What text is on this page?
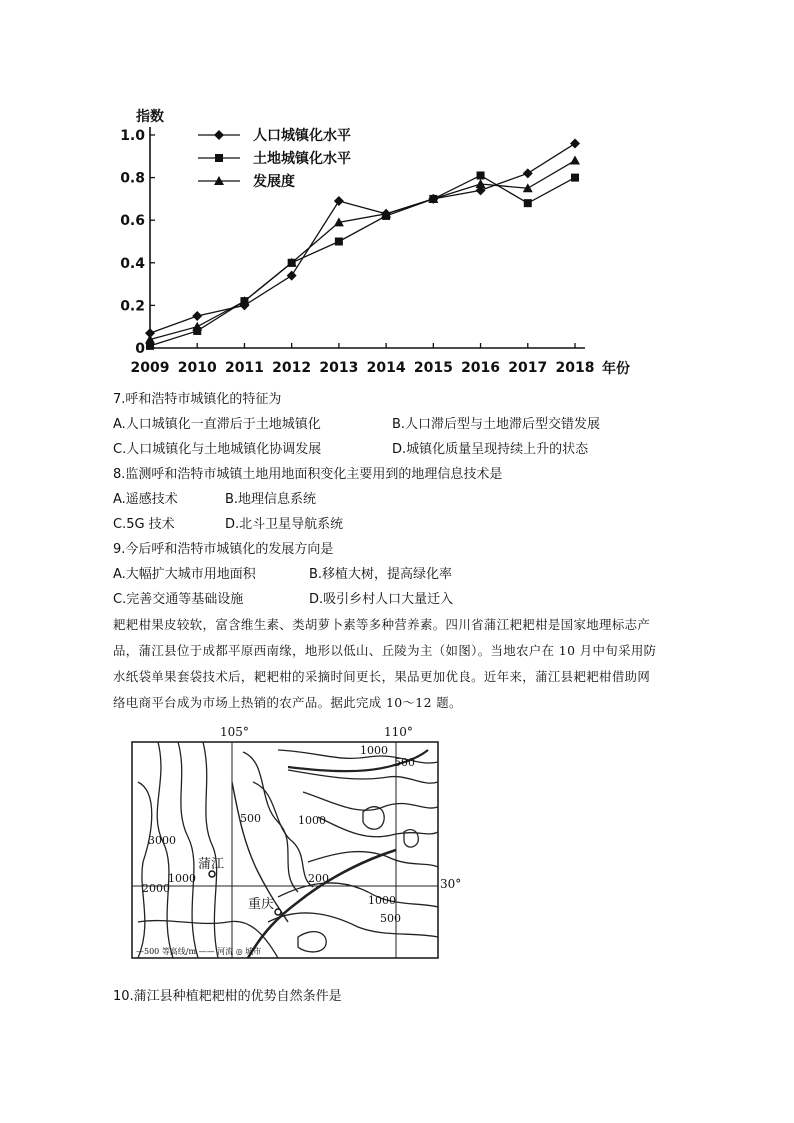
0
0.2
0.4
0.6
0.8
1.0
2009 2010 2011 2012 2013 2014 2015 2016 2017 2018
人口城镇化水平
土地城镇化水平
发展度
指数
年份
7.呼和浩特市城镇化的特征为
A.人口城镇化一直滞后于土地城镇化	B.人口滞后型与土地滞后型交错发展
C.人口城镇化与土地城镇化协调发展	D.城镇化质量呈现持续上升的状态
8.监测呼和浩特市城镇土地用地面积变化主要用到的地理信息技术是
A.遥感技术	B.地理信息系统
C.5G 技术	D.北斗卫星导航系统
9.今后呼和浩特市城镇化的发展方向是
A.大幅扩大城市用地面积	B.移植大树，提高绿化率
C.完善交通等基础设施	D.吸引乡村人口大量迁入
耙耙柑果皮较软，富含维生素、类胡萝卜素等多种营养素。四川省蒲江耙耙柑是国家地理标志产
品，蒲江县位于成都平原西南缘，地形以低山、丘陵为主（如图）。当地农户在 10 月中旬采用防
水纸袋单果套袋技术后，耙耙柑的采摘时间更长，果品更加优良。近年来，蒲江县耙耙柑借助网
络电商平台成为市场上热销的农产品。据此完成 10～12 题。
105°	110°
30°
1000
500
500	1000
3000
2000
1000	200
1000
500
蒲江
重庆
—500 等高线/m —— 河流 ◎ 城市
10.蒲江县种植耙耙柑的优势自然条件是
